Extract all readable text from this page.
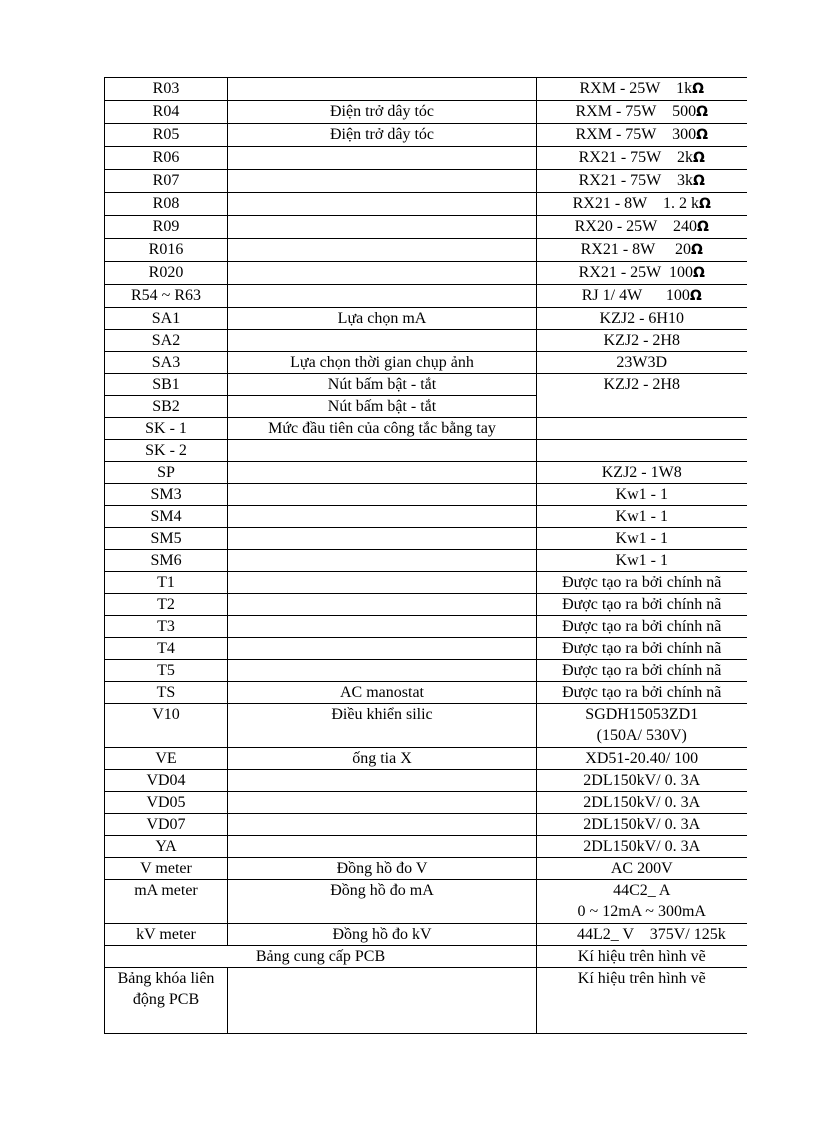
R03		RXM - 25W    1kΩ
R04	Điện trở dây tóc	RXM - 75W    500Ω
R05	Điện trở dây tóc	RXM - 75W    300Ω
R06		RX21 - 75W    2kΩ
R07		RX21 - 75W    3kΩ
R08		RX21 - 8W    1. 2 kΩ
R09		RX20 - 25W    240Ω
R016		RX21 - 8W     20Ω
R020		RX21 - 25W  100Ω
R54 ~ R63		RJ 1/ 4W      100Ω
SA1	Lựa chọn mA	KZJ2 - 6H10
SA2		KZJ2 - 2H8
SA3	Lựa chọn thời gian chụp ảnh	23W3D
SB1	Nút bấm bật - tắt	KZJ2 - 2H8
SB2	Nút bấm bật - tắt	
SK - 1	Mức đầu tiên của công tắc bằng tay	
SK - 2		
SP		KZJ2 - 1W8
SM3		Kw1 - 1
SM4		Kw1 - 1
SM5		Kw1 - 1
SM6		Kw1 - 1
T1		Được tạo ra bởi chính nã
T2		Được tạo ra bởi chính nã
T3		Được tạo ra bởi chính nã
T4		Được tạo ra bởi chính nã
T5		Được tạo ra bởi chính nã
TS	AC manostat	Được tạo ra bởi chính nã
V10	Điều khiển silic	SGDH15053ZD1
(150A/ 530V)

VE	ống tia X	XD51-20.40/ 100
VD04		2DL150kV/ 0. 3A
VD05		2DL150kV/ 0. 3A
VD07		2DL150kV/ 0. 3A
YA		2DL150kV/ 0. 3A
V meter	Đồng hồ đo V	AC 200V
mA meter	Đồng hồ đo mA	44C2_ A
0 ~ 12mA ~ 300mA

kV meter	Đồng hồ đo kV	44L2_ V    375V/ 125k
Bảng cung cấp PCB		Kí hiệu trên hình vẽ
Bảng khóa liên động PCB		Kí hiệu trên hình vẽ
